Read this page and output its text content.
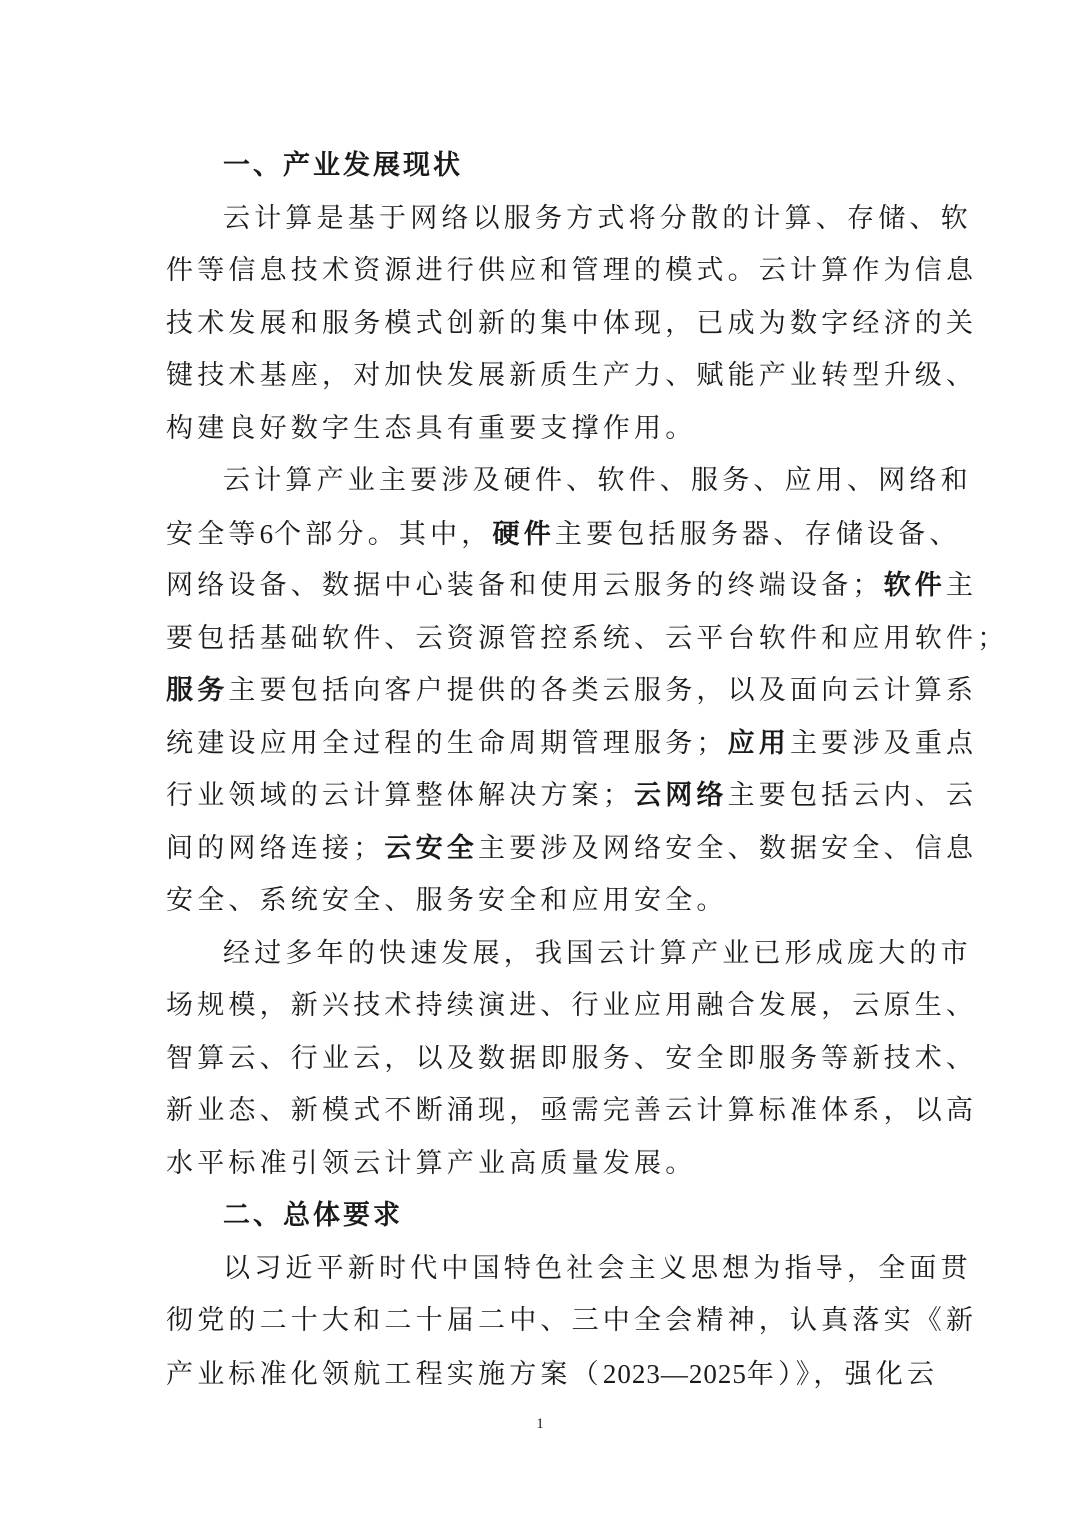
一、产业发展现状
云计算是基于网络以服务方式将分散的计算、存储、软
件等信息技术资源进行供应和管理的模式。云计算作为信息
技术发展和服务模式创新的集中体现，已成为数字经济的关
键技术基座，对加快发展新质生产力、赋能产业转型升级、
构建良好数字生态具有重要支撑作用。
云计算产业主要涉及硬件、软件、服务、应用、网络和
安全等6个部分。其中，硬件主要包括服务器、存储设备、
网络设备、数据中心装备和使用云服务的终端设备；软件主
要包括基础软件、云资源管控系统、云平台软件和应用软件；
服务主要包括向客户提供的各类云服务，以及面向云计算系
统建设应用全过程的生命周期管理服务；应用主要涉及重点
行业领域的云计算整体解决方案；云网络主要包括云内、云
间的网络连接；云安全主要涉及网络安全、数据安全、信息
安全、系统安全、服务安全和应用安全。
经过多年的快速发展，我国云计算产业已形成庞大的市
场规模，新兴技术持续演进、行业应用融合发展，云原生、
智算云、行业云，以及数据即服务、安全即服务等新技术、
新业态、新模式不断涌现，亟需完善云计算标准体系，以高
水平标准引领云计算产业高质量发展。
二、总体要求
以习近平新时代中国特色社会主义思想为指导，全面贯
彻党的二十大和二十届二中、三中全会精神，认真落实《新
产业标准化领航工程实施方案（2023—2025年）》，强化云
1
